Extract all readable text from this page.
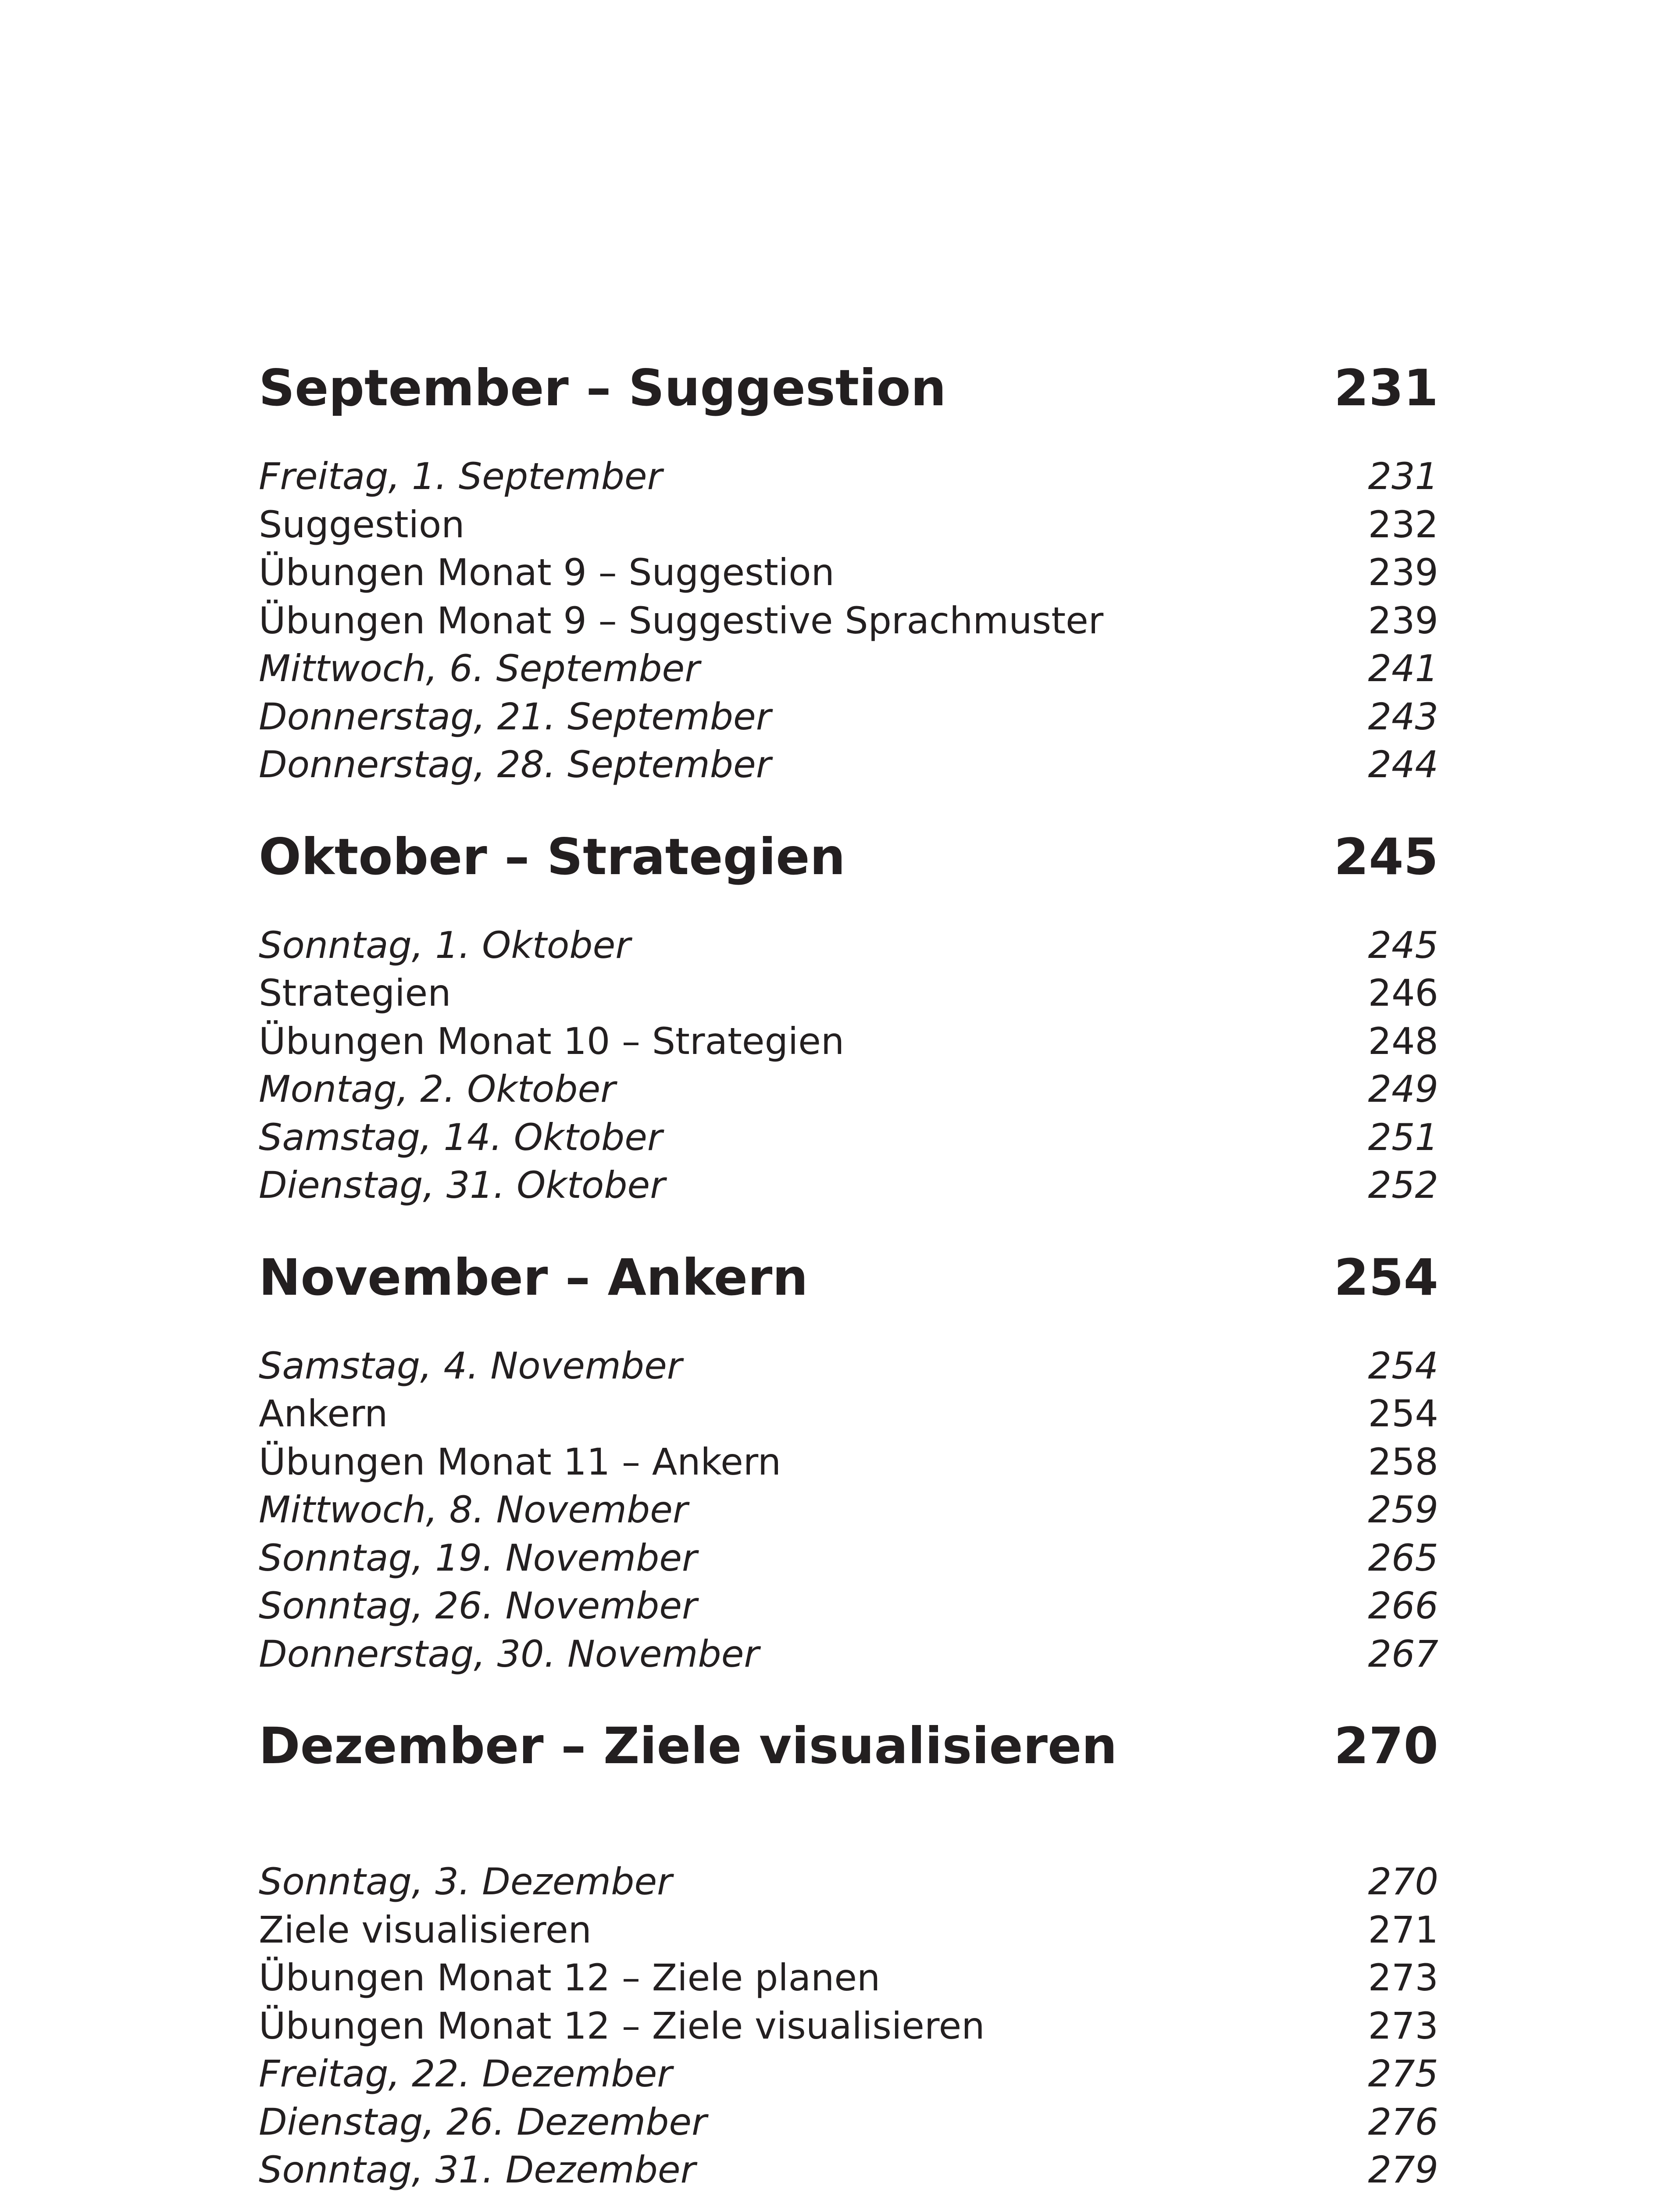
September – Suggestion	231
Freitag, 1. September	231
Suggestion	232
Übungen Monat 9 – Suggestion	239
Übungen Monat 9 – Suggestive Sprachmuster	239
Mittwoch, 6. September	241
Donnerstag, 21. September	243
Donnerstag, 28. September	244
Oktober – Strategien	245
Sonntag, 1. Oktober	245
Strategien	246
Übungen Monat 10 – Strategien	248
Montag, 2. Oktober	249
Samstag, 14. Oktober	251
Dienstag, 31. Oktober	252
November – Ankern	254
Samstag, 4. November	254
Ankern	254
Übungen Monat 11 – Ankern	258
Mittwoch, 8. November	259
Sonntag, 19. November	265
Sonntag, 26. November	266
Donnerstag, 30. November	267
Dezember – Ziele visualisieren	270
Sonntag, 3. Dezember	270
Ziele visualisieren	271
Übungen Monat 12 – Ziele planen	273
Übungen Monat 12 – Ziele visualisieren	273
Freitag, 22. Dezember	275
Dienstag, 26. Dezember	276
Sonntag, 31. Dezember	279
